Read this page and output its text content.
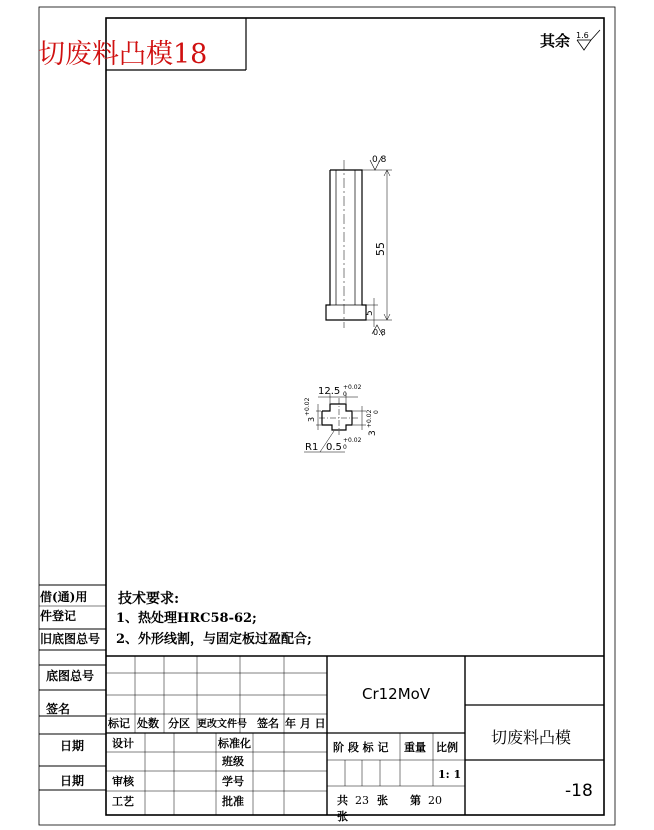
切废料凸模18	其余 1.6
0.8
55
5
0.8
12.5 +0.02
0
3
+0.02
3
+0.02 0
R1 0.5
+0.02
0
借(通)用
件登记
旧底图总号
底图总号
签名
日期
日期
技术要求:
1、热处理HRC58-62;
2、外形线割，与固定板过盈配合;
标记 处数 分区 更改文件号 签名 年 月 日
设计	标准化
班级
审核	学号
工艺	批准
Cr12MoV
阶 段 标 记 重量 比例
1: 1
共 23 张 第 20
张
切废料凸模
-18
